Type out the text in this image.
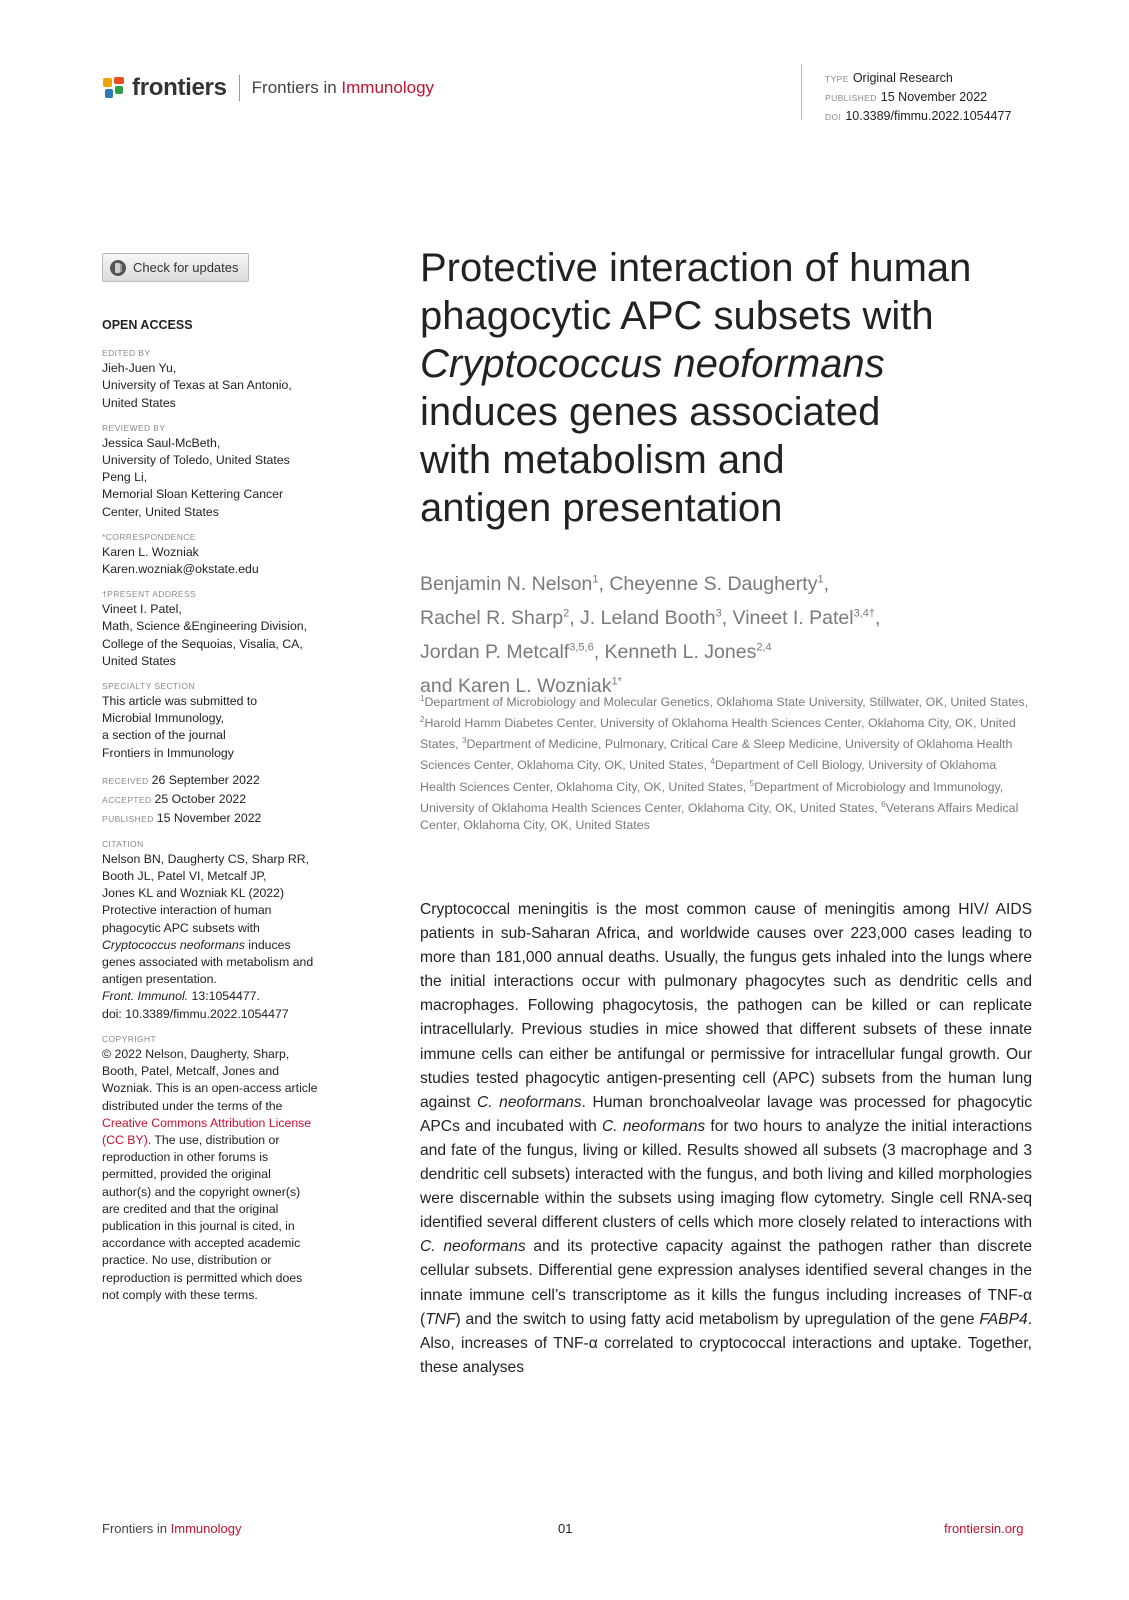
frontiers Frontiers in Immunology	TYPE Original Research
PUBLISHED 15 November 2022
DOI 10.3389/fimmu.2022.1054477
Check for updates
OPEN ACCESS
EDITED BY
Jieh-Juen Yu,
University of Texas at San Antonio,
United States
REVIEWED BY
Jessica Saul-McBeth,
University of Toledo, United States
Peng Li,
Memorial Sloan Kettering Cancer
Center, United States
*CORRESPONDENCE
Karen L. Wozniak
Karen.wozniak@okstate.edu
†PRESENT ADDRESS
Vineet I. Patel,
Math, Science &Engineering Division,
College of the Sequoias, Visalia, CA,
United States
SPECIALTY SECTION
This article was submitted to
Microbial Immunology,
a section of the journal
Frontiers in Immunology
RECEIVED 26 September 2022
ACCEPTED 25 October 2022
PUBLISHED 15 November 2022
CITATION
Nelson BN, Daugherty CS, Sharp RR,
Booth JL, Patel VI, Metcalf JP,
Jones KL and Wozniak KL (2022)
Protective interaction of human
phagocytic APC subsets with
Cryptococcus neoformans induces
genes associated with metabolism and
antigen presentation.
Front. Immunol. 13:1054477.
doi: 10.3389/fimmu.2022.1054477
COPYRIGHT
© 2022 Nelson, Daugherty, Sharp,
Booth, Patel, Metcalf, Jones and
Wozniak. This is an open-access article
distributed under the terms of the
Creative Commons Attribution License
(CC BY). The use, distribution or
reproduction in other forums is
permitted, provided the original
author(s) and the copyright owner(s)
are credited and that the original
publication in this journal is cited, in
accordance with accepted academic
practice. No use, distribution or
reproduction is permitted which does
not comply with these terms.
Protective interaction of human
phagocytic APC subsets with
Cryptococcus neoformans
induces genes associated
with metabolism and
antigen presentation
Benjamin N. Nelson$^1$, Cheyenne S. Daugherty$^1$,
Rachel R. Sharp$^2$, J. Leland Booth$^3$, Vineet I. Patel$^{3,4\dagger}$,
Jordan P. Metcalf$^{3,5,6}$, Kenneth L. Jones$^{2,4}$
and Karen L. Wozniak$^{1*}$
$^1$Department of Microbiology and Molecular Genetics, Oklahoma State University, Stillwater, OK, United States, $^2$Harold Hamm Diabetes Center, University of Oklahoma Health Sciences Center, Oklahoma City, OK, United States, $^3$Department of Medicine, Pulmonary, Critical Care & Sleep Medicine, University of Oklahoma Health Sciences Center, Oklahoma City, OK, United States, $^4$Department of Cell Biology, University of Oklahoma Health Sciences Center, Oklahoma City, OK, United States, $^5$Department of Microbiology and Immunology, University of Oklahoma Health Sciences Center, Oklahoma City, OK, United States, $^6$Veterans Affairs Medical Center, Oklahoma City, OK, United States
Cryptococcal meningitis is the most common cause of meningitis among HIV/ AIDS patients in sub-Saharan Africa, and worldwide causes over 223,000 cases leading to more than 181,000 annual deaths. Usually, the fungus gets inhaled into the lungs where the initial interactions occur with pulmonary phagocytes such as dendritic cells and macrophages. Following phagocytosis, the pathogen can be killed or can replicate intracellularly. Previous studies in mice showed that different subsets of these innate immune cells can either be antifungal or permissive for intracellular fungal growth. Our studies tested phagocytic antigen-presenting cell (APC) subsets from the human lung against C. neoformans. Human bronchoalveolar lavage was processed for phagocytic APCs and incubated with C. neoformans for two hours to analyze the initial interactions and fate of the fungus, living or killed. Results showed all subsets (3 macrophage and 3 dendritic cell subsets) interacted with the fungus, and both living and killed morphologies were discernable within the subsets using imaging flow cytometry. Single cell RNA-seq identified several different clusters of cells which more closely related to interactions with C. neoformans and its protective capacity against the pathogen rather than discrete cellular subsets. Differential gene expression analyses identified several changes in the innate immune cell’s transcriptome as it kills the fungus including increases of TNF-α (TNF) and the switch to using fatty acid metabolism by upregulation of the gene FABP4. Also, increases of TNF-α correlated to cryptococcal interactions and uptake. Together, these analyses
Frontiers in Immunology	01	frontiersin.org
